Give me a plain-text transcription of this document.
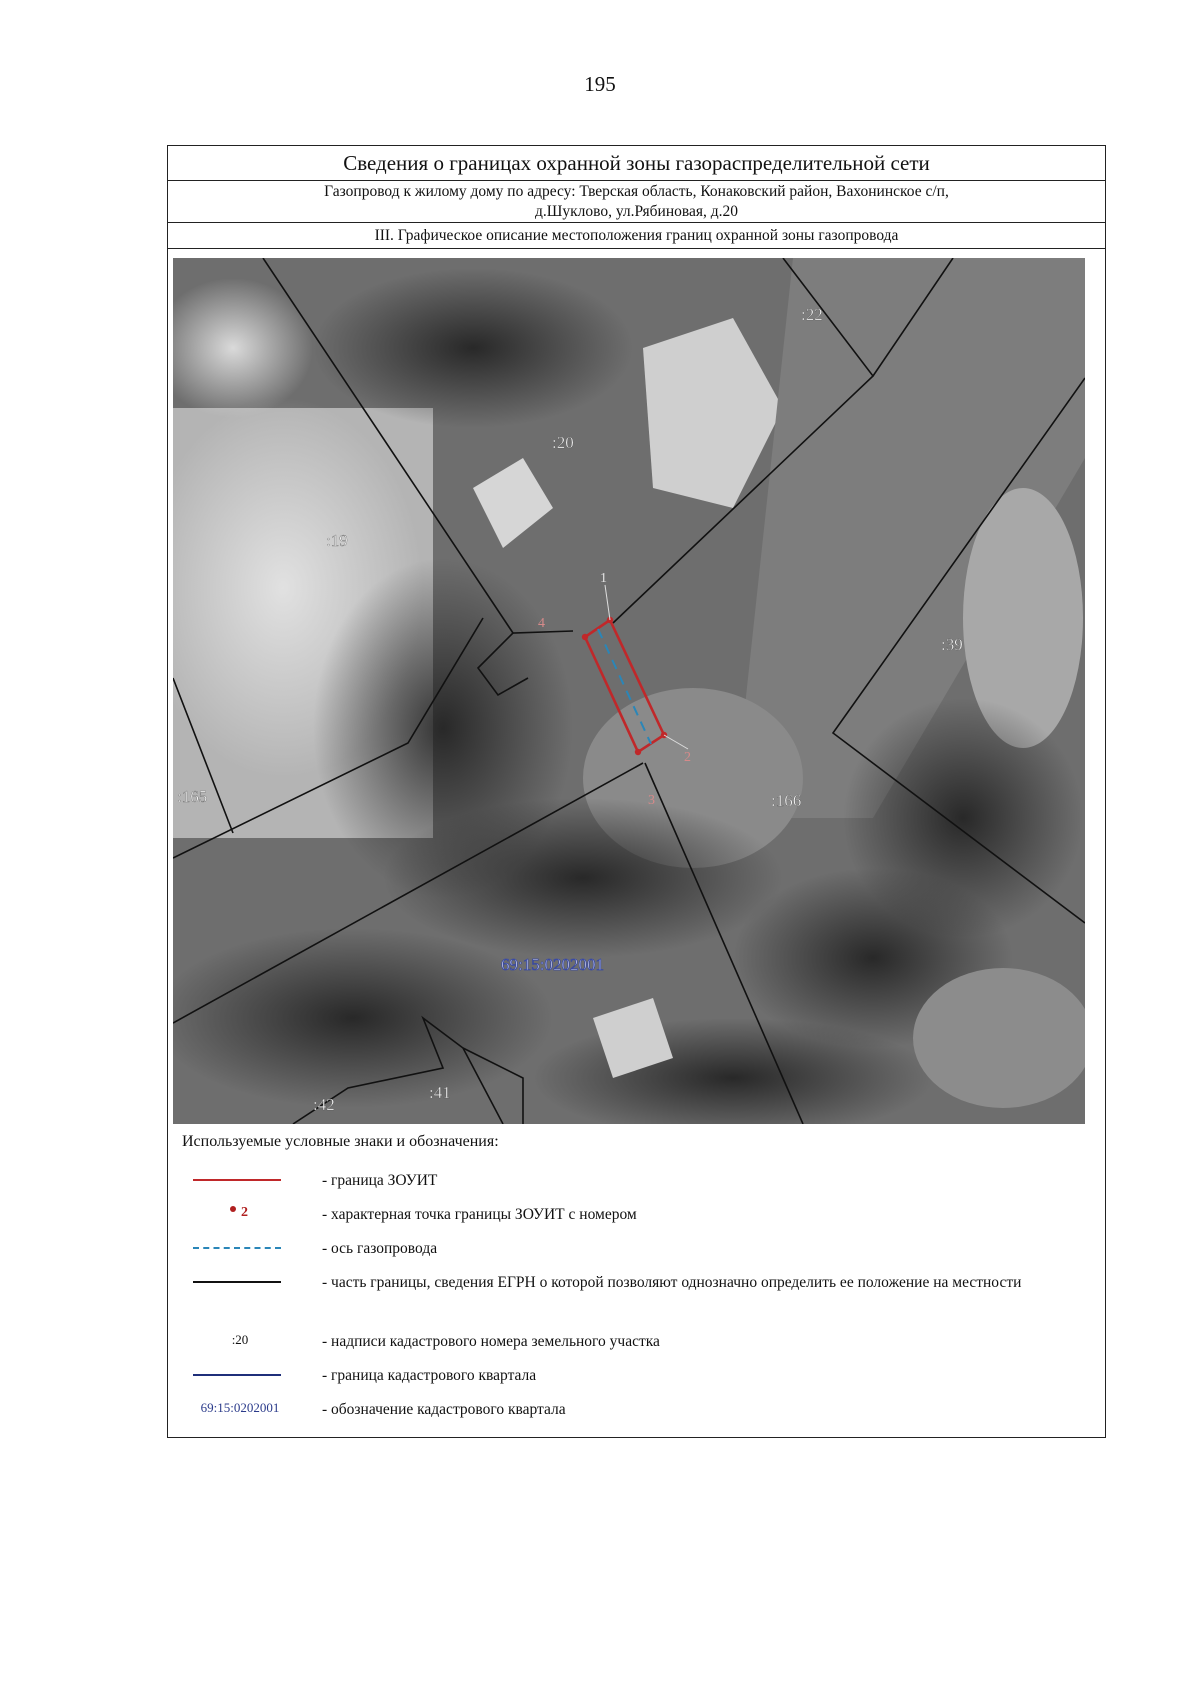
195
Сведения о границах охранной зоны газораспределительной сети
Газопровод к жилому дому по адресу: Тверская область, Конаковский район, Вахонинское с/п,
д.Шуклово, ул.Рябиновая, д.20
III. Графическое описание местоположения границ охранной зоны газопровода
:22
:20
:19
:39
:165	:166
:42
:41
69:15:0202001
1
2
3
4
Используемые условные знаки и обозначения:
- граница ЗОУИТ
2	- характерная точка границы ЗОУИТ с номером
- ось газопровода
- часть границы, сведения ЕГРН о которой позволяют однозначно определить ее положение на местности
:20	- надписи кадастрового номера земельного участка
- граница кадастрового квартала
69:15:0202001	- обозначение кадастрового квартала
